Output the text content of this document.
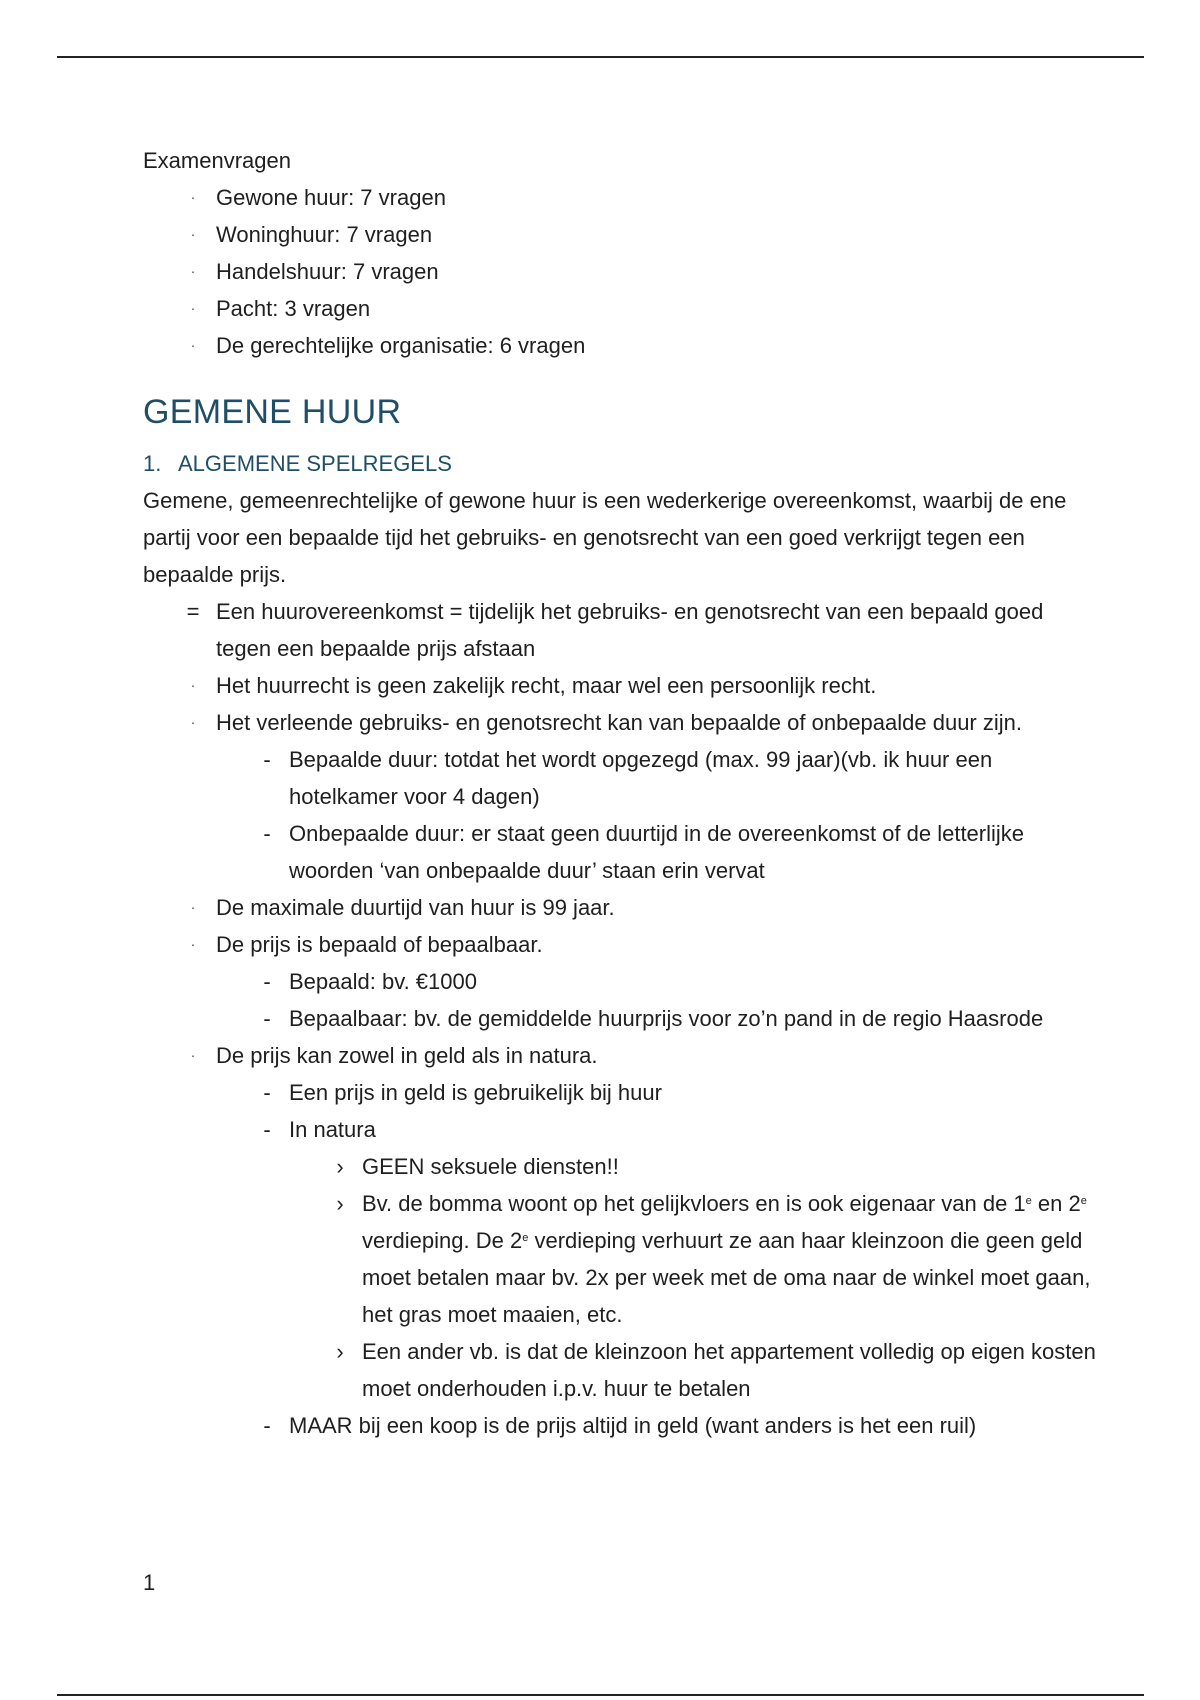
Examenvragen
· Gewone huur: 7 vragen
· Woninghuur: 7 vragen
· Handelshuur: 7 vragen
· Pacht: 3 vragen
· De gerechtelijke organisatie: 6 vragen
GEMENE HUUR
1. ALGEMENE SPELREGELS
Gemene, gemeenrechtelijke of gewone huur is een wederkerige overeenkomst, waarbij de ene partij voor een bepaalde tijd het gebruiks- en genotsrecht van een goed verkrijgt tegen een bepaalde prijs.
= Een huurovereenkomst = tijdelijk het gebruiks- en genotsrecht van een bepaald goed tegen een bepaalde prijs afstaan
· Het huurrecht is geen zakelijk recht, maar wel een persoonlijk recht.
· Het verleende gebruiks- en genotsrecht kan van bepaalde of onbepaalde duur zijn.
- Bepaalde duur: totdat het wordt opgezegd (max. 99 jaar)(vb. ik huur een hotelkamer voor 4 dagen)
- Onbepaalde duur: er staat geen duurtijd in de overeenkomst of de letterlijke woorden ‘van onbepaalde duur’ staan erin vervat
· De maximale duurtijd van huur is 99 jaar.
· De prijs is bepaald of bepaalbaar.
- Bepaald: bv. €1000
- Bepaalbaar: bv. de gemiddelde huurprijs voor zo’n pand in de regio Haasrode
· De prijs kan zowel in geld als in natura.
- Een prijs in geld is gebruikelijk bij huur
- In natura
› GEEN seksuele diensten!!
› Bv. de bomma woont op het gelijkvloers en is ook eigenaar van de 1e en 2e verdieping. De 2e verdieping verhuurt ze aan haar kleinzoon die geen geld moet betalen maar bv. 2x per week met de oma naar de winkel moet gaan, het gras moet maaien, etc.
› Een ander vb. is dat de kleinzoon het appartement volledig op eigen kosten moet onderhouden i.p.v. huur te betalen
- MAAR bij een koop is de prijs altijd in geld (want anders is het een ruil)
1
